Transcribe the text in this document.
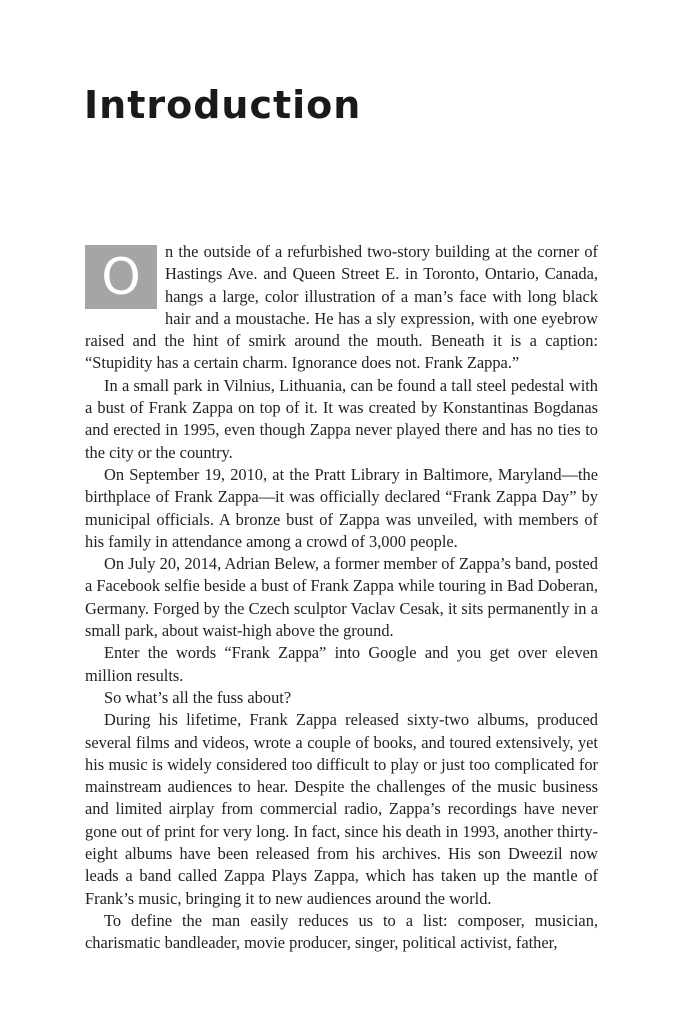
Introduction

O	n the outside of a refurbished two-story building at the corner of Hastings Ave. and Queen Street E. in Toronto, Ontario, Canada, hangs a large, color illustration of a man’s face with long black hair and a moustache. He has a sly expression, with one eyebrow raised and the hint of smirk around the mouth. Beneath it is a caption: “Stupidity has a certain charm. Ignorance does not. Frank Zappa.”

In a small park in Vilnius, Lithuania, can be found a tall steel pedestal with a bust of Frank Zappa on top of it. It was created by Konstantinas Bogdanas and erected in 1995, even though Zappa never played there and has no ties to the city or the country.

On September 19, 2010, at the Pratt Library in Baltimore, Maryland—the birthplace of Frank Zappa—it was officially declared “Frank Zappa Day” by municipal officials. A bronze bust of Zappa was unveiled, with members of his family in attendance among a crowd of 3,000 people.

On July 20, 2014, Adrian Belew, a former member of Zappa’s band, posted a Facebook selfie beside a bust of Frank Zappa while touring in Bad Doberan, Germany. Forged by the Czech sculptor Vaclav Cesak, it sits permanently in a small park, about waist-high above the ground.

Enter the words “Frank Zappa” into Google and you get over eleven million results.

So what’s all the fuss about?

During his lifetime, Frank Zappa released sixty-two albums, produced several films and videos, wrote a couple of books, and toured extensively, yet his music is widely considered too difficult to play or just too complicated for mainstream audiences to hear. Despite the challenges of the music business and limited airplay from commercial radio, Zappa’s recordings have never gone out of print for very long. In fact, since his death in 1993, another thirty-eight albums have been released from his archives. His son Dweezil now leads a band called Zappa Plays Zappa, which has taken up the mantle of Frank’s music, bringing it to new audiences around the world.

To define the man easily reduces us to a list: composer, musician, charismatic bandleader, movie producer, singer, political activist, father,
